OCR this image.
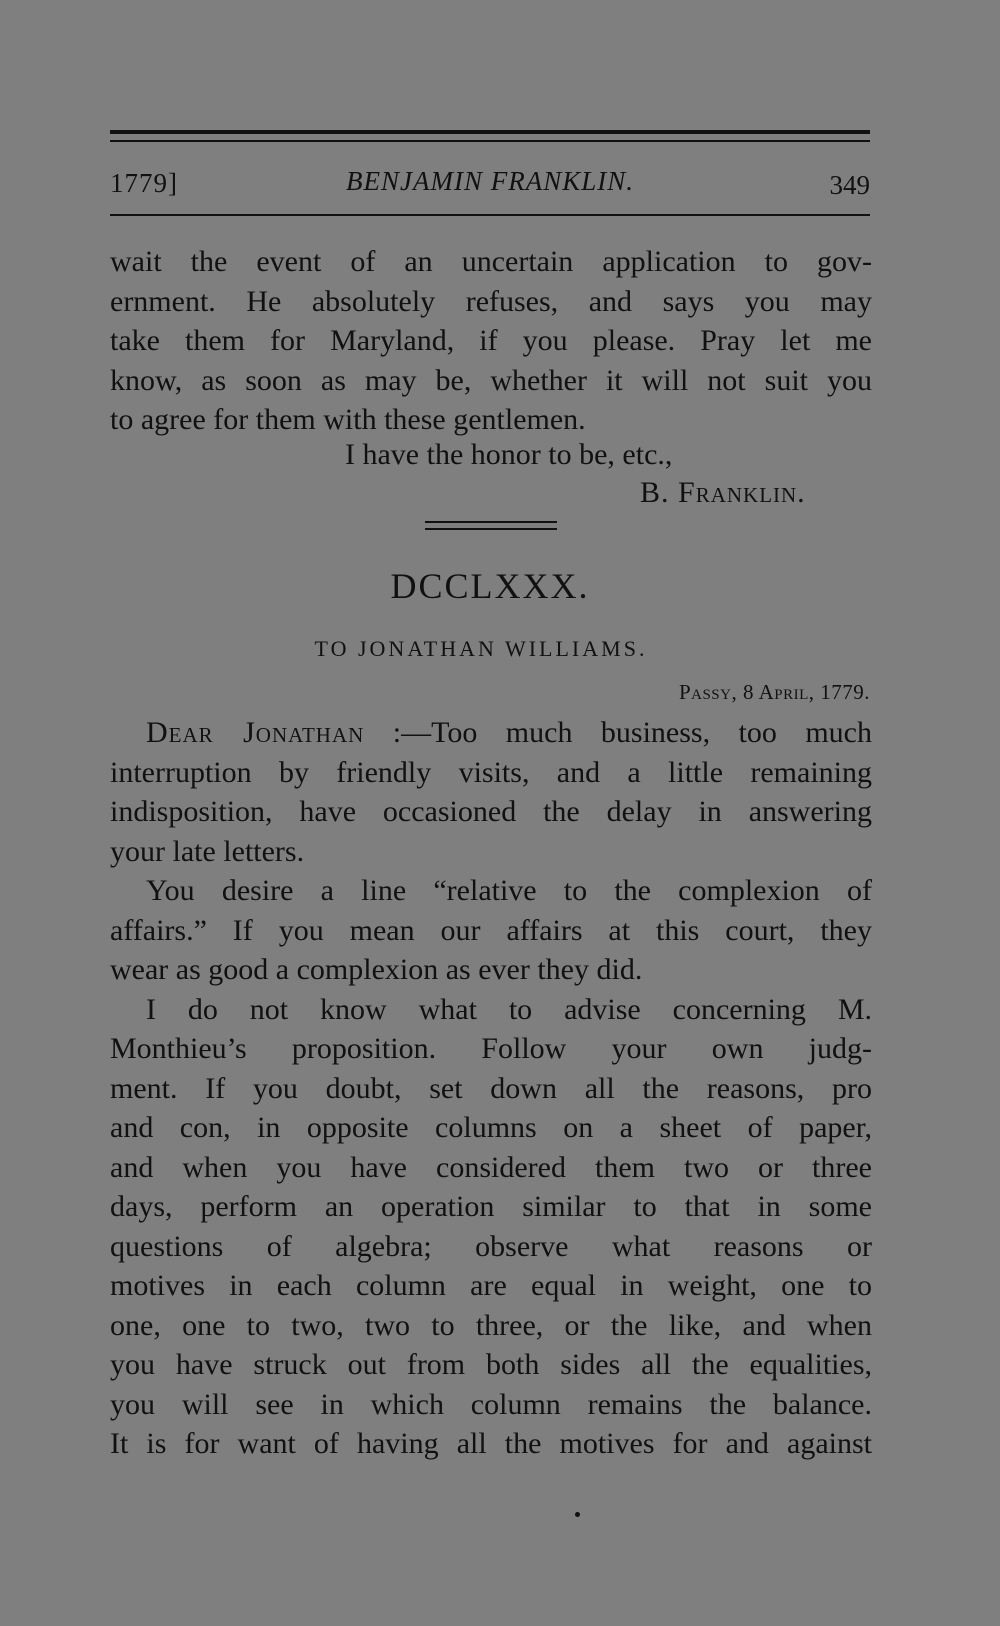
1779]	BENJAMIN FRANKLIN.	349
wait the event of an uncertain application to gov-
ernment. He absolutely refuses, and says you may
take them for Maryland, if you please. Pray let me
know, as soon as may be, whether it will not suit you
to agree for them with these gentlemen.
I have the honor to be, etc.,
B. Franklin.
DCCLXXX.
TO JONATHAN WILLIAMS.
Passy, 8 April, 1779.
Dear Jonathan :—Too much business, too much
interruption by friendly visits, and a little remaining
indisposition, have occasioned the delay in answering
your late letters.
You desire a line “relative to the complexion of
affairs.” If you mean our affairs at this court, they
wear as good a complexion as ever they did.
I do not know what to advise concerning M.
Monthieu’s proposition. Follow your own judg-
ment. If you doubt, set down all the reasons, pro
and con, in opposite columns on a sheet of paper,
and when you have considered them two or three
days, perform an operation similar to that in some
questions of algebra; observe what reasons or
motives in each column are equal in weight, one to
one, one to two, two to three, or the like, and when
you have struck out from both sides all the equalities,
you will see in which column remains the balance.
It is for want of having all the motives for and against
